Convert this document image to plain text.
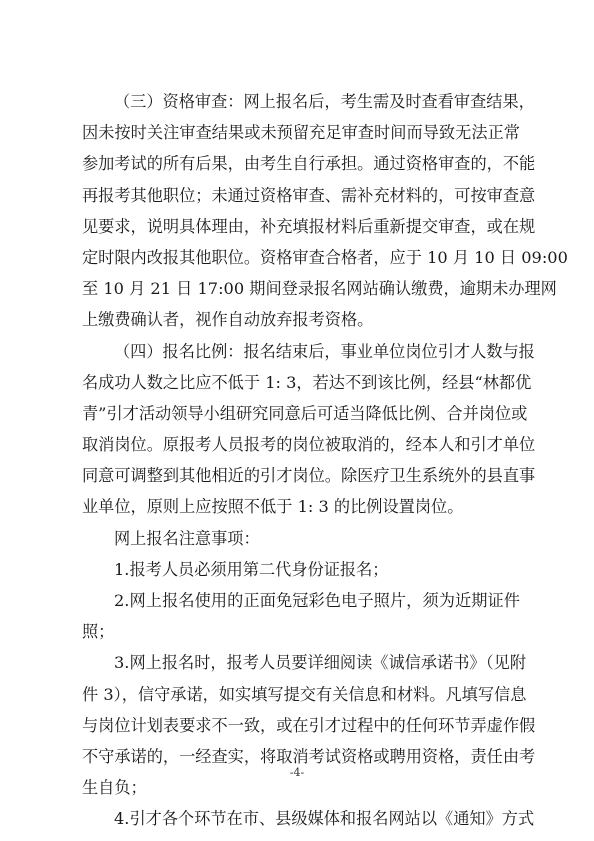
（三）资格审查：网上报名后，考生需及时查看审查结果，
因未按时关注审查结果或未预留充足审查时间而导致无法正常
参加考试的所有后果，由考生自行承担。通过资格审查的，不能
再报考其他职位；未通过资格审查、需补充材料的，可按审查意
见要求，说明具体理由，补充填报材料后重新提交审查，或在规
定时限内改报其他职位。资格审查合格者，应于 10 月 10 日 09:00
至 10 月 21 日 17:00 期间登录报名网站确认缴费，逾期未办理网
上缴费确认者，视作自动放弃报考资格。
（四）报名比例：报名结束后，事业单位岗位引才人数与报
名成功人数之比应不低于 1: 3，若达不到该比例，经县“林都优
青”引才活动领导小组研究同意后可适当降低比例、合并岗位或
取消岗位。原报考人员报考的岗位被取消的，经本人和引才单位
同意可调整到其他相近的引才岗位。除医疗卫生系统外的县直事
业单位，原则上应按照不低于 1: 3 的比例设置岗位。
网上报名注意事项：
1.报考人员必须用第二代身份证报名；
2.网上报名使用的正面免冠彩色电子照片，须为近期证件
照；
3.网上报名时，报考人员要详细阅读《诚信承诺书》（见附
件 3），信守承诺，如实填写提交有关信息和材料。凡填写信息
与岗位计划表要求不一致，或在引才过程中的任何环节弄虚作假
不守承诺的，一经查实，将取消考试资格或聘用资格，责任由考
生自负；
4.引才各个环节在市、县级媒体和报名网站以《通知》方式
-4-
